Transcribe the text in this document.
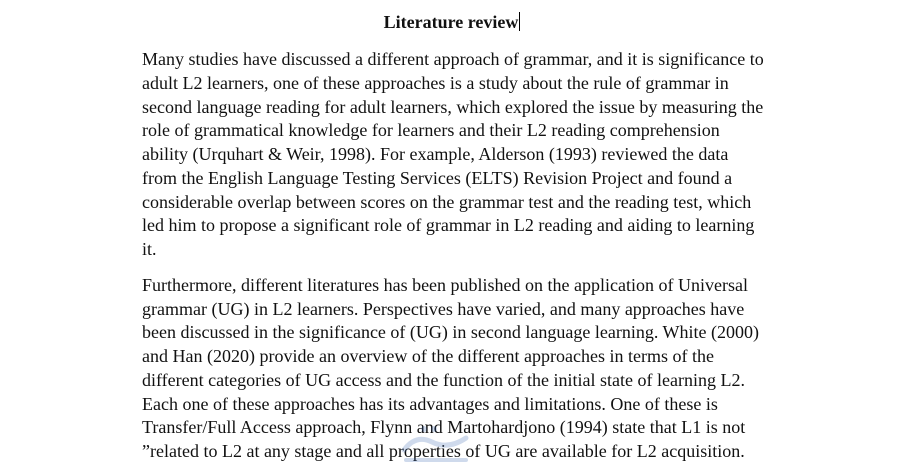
Literature review
Many studies have discussed a different approach of grammar, and it is significance to
adult L2 learners, one of these approaches is a study about the rule of grammar in
second language reading for adult learners, which explored the issue by measuring the
role of grammatical knowledge for learners and their L2 reading comprehension
ability (Urquhart & Weir, 1998). For example, Alderson (1993) reviewed the data
from the English Language Testing Services (ELTS) Revision Project and found a
considerable overlap between scores on the grammar test and the reading test, which
led him to propose a significant role of grammar in L2 reading and aiding to learning
it.
Furthermore, different literatures has been published on the application of Universal
grammar (UG) in L2 learners. Perspectives have varied, and many approaches have
been discussed in the significance of (UG) in second language learning. White (2000)
and Han (2020) provide an overview of the different approaches in terms of the
different categories of UG access and the function of the initial state of learning L2.
Each one of these approaches has its advantages and limitations. One of these is
Transfer/Full Access approach, Flynn and Martohardjono (1994) state that L1 is not
”related to L2 at any stage and all properties of UG are available for L2 acquisition.
